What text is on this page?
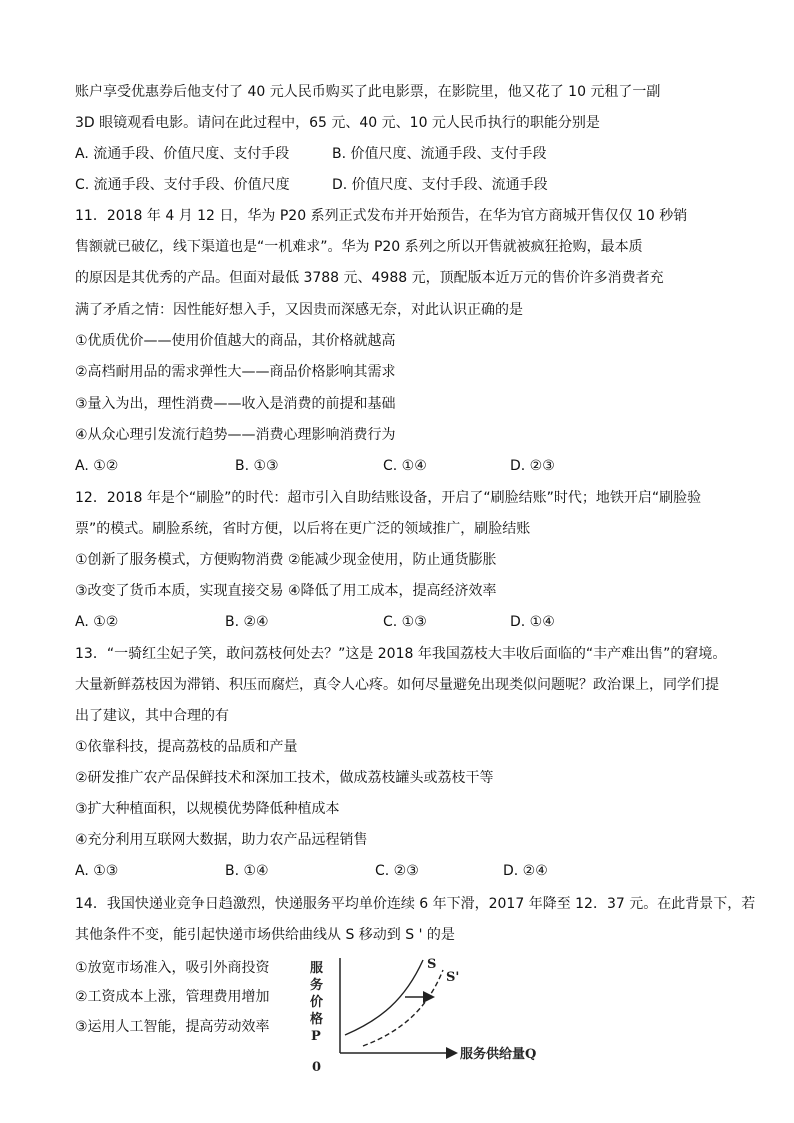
账户享受优惠券后他支付了 40 元人民币购买了此电影票，在影院里，他又花了 10 元租了一副
3D 眼镜观看电影。请问在此过程中，65 元、40 元、10 元人民币执行的职能分别是
A. 流通手段、价值尺度、支付手段	B. 价值尺度、流通手段、支付手段
C. 流通手段、支付手段、价值尺度	D. 价值尺度、支付手段、流通手段
11．2018 年 4 月 12 日，华为 P20 系列正式发布并开始预告，在华为官方商城开售仅仅 10 秒销
售额就已破亿，线下渠道也是“一机难求”。华为 P20 系列之所以开售就被疯狂抢购，最本质
的原因是其优秀的产品。但面对最低 3788 元、4988 元，顶配版本近万元的售价许多消费者充
满了矛盾之情：因性能好想入手，又因贵而深感无奈，对此认识正确的是
①优质优价——使用价值越大的商品，其价格就越高
②高档耐用品的需求弹性大——商品价格影响其需求
③量入为出，理性消费——收入是消费的前提和基础
④从众心理引发流行趋势——消费心理影响消费行为
A. ①②	B. ①③	C. ①④	D. ②③
12．2018 年是个“刷脸”的时代：超市引入自助结账设备，开启了“刷脸结账”时代；地铁开启“刷脸验
票”的模式。刷脸系统，省时方便，以后将在更广泛的领域推广，刷脸结账
①创新了服务模式，方便购物消费 ②能减少现金使用，防止通货膨胀
③改变了货币本质，实现直接交易 ④降低了用工成本，提高经济效率
A. ①②	B. ②④	C. ①③	D. ①④
13．“一骑红尘妃子笑，敢问荔枝何处去？”这是 2018 年我国荔枝大丰收后面临的“丰产难出售”的窘境。
大量新鲜荔枝因为滞销、积压而腐烂，真令人心疼。如何尽量避免出现类似问题呢？政治课上，同学们提
出了建议，其中合理的有
①依靠科技，提高荔枝的品质和产量
②研发推广农产品保鲜技术和深加工技术，做成荔枝罐头或荔枝干等
③扩大种植面积，以规模优势降低种植成本
④充分利用互联网大数据，助力农产品远程销售
A. ①③	B. ①④	C. ②③	D. ②④
14．我国快递业竞争日趋激烈，快递服务平均单价连续 6 年下滑，2017 年降至 12．37 元。在此背景下，若
其他条件不变，能引起快递市场供给曲线从 S 移动到 S ' 的是
①放宽市场准入，吸引外商投资
②工资成本上涨，管理费用增加
③运用人工智能，提高劳动效率
服 务 价 格 P
0
服务供给量Q
S
S'
